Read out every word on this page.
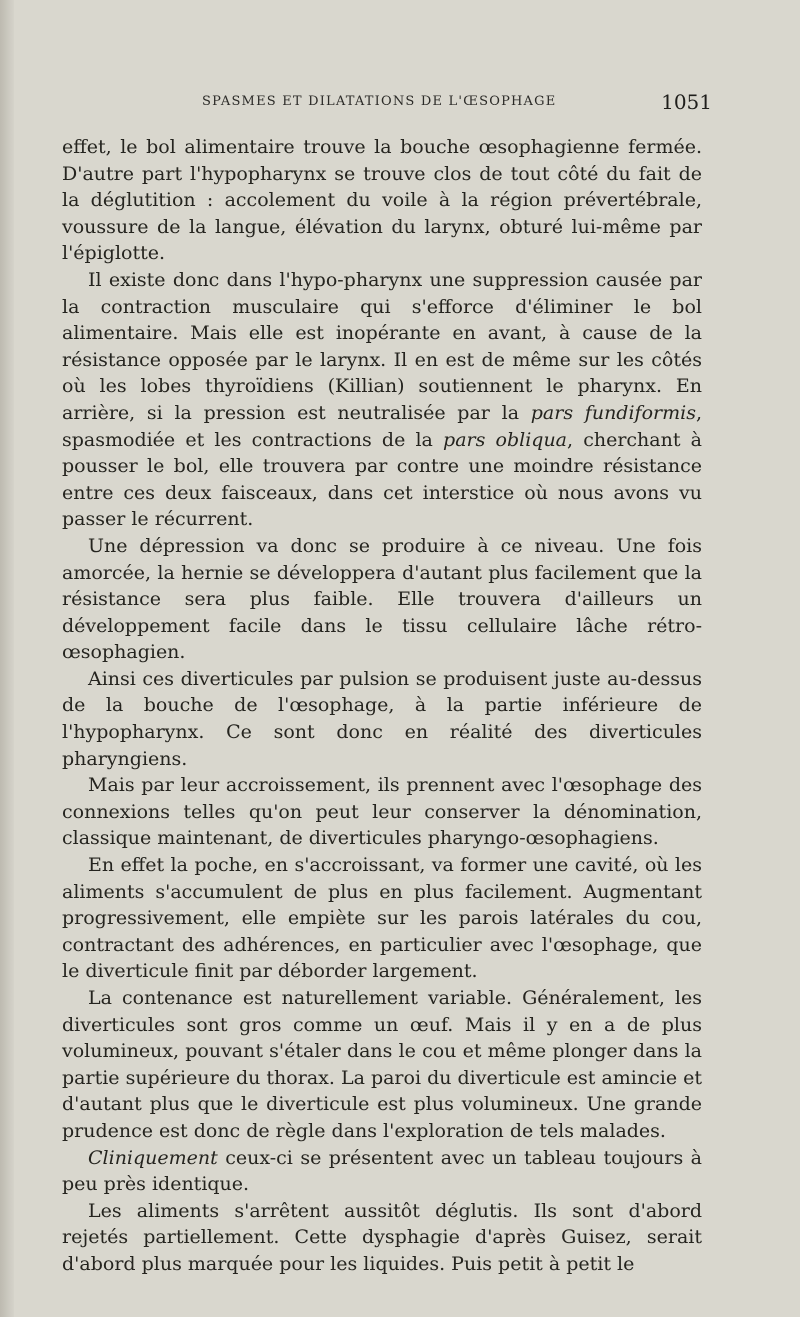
SPASMES ET DILATATIONS DE L'ŒSOPHAGE	1051

effet, le bol alimentaire trouve la bouche œsophagienne fermée. D'autre part l'hypopharynx se trouve clos de tout côté du fait de la déglutition : accolement du voile à la région prévertébrale, voussure de la langue, élévation du larynx, obturé lui-même par l'épiglotte.

Il existe donc dans l'hypo-pharynx une suppression causée par la contraction musculaire qui s'efforce d'éliminer le bol alimentaire. Mais elle est inopérante en avant, à cause de la résistance opposée par le larynx. Il en est de même sur les côtés où les lobes thyroïdiens (Killian) soutiennent le pharynx. En arrière, si la pression est neutralisée par la pars fundiformis, spasmodiée et les contractions de la pars obliqua, cherchant à pousser le bol, elle trouvera par contre une moindre résistance entre ces deux faisceaux, dans cet interstice où nous avons vu passer le récurrent.

Une dépression va donc se produire à ce niveau. Une fois amorcée, la hernie se développera d'autant plus facilement que la résistance sera plus faible. Elle trouvera d'ailleurs un développement facile dans le tissu cellulaire lâche rétro-œsophagien.

Ainsi ces diverticules par pulsion se produisent juste au-dessus de la bouche de l'œsophage, à la partie inférieure de l'hypopharynx. Ce sont donc en réalité des diverticules pharyngiens.

Mais par leur accroissement, ils prennent avec l'œsophage des connexions telles qu'on peut leur conserver la dénomination, classique maintenant, de diverticules pharyngo-œsophagiens.

En effet la poche, en s'accroissant, va former une cavité, où les aliments s'accumulent de plus en plus facilement. Augmentant progressivement, elle empiète sur les parois latérales du cou, contractant des adhérences, en particulier avec l'œsophage, que le diverticule finit par déborder largement.

La contenance est naturellement variable. Généralement, les diverticules sont gros comme un œuf. Mais il y en a de plus volumineux, pouvant s'étaler dans le cou et même plonger dans la partie supérieure du thorax. La paroi du diverticule est amincie et d'autant plus que le diverticule est plus volumineux. Une grande prudence est donc de règle dans l'exploration de tels malades.

Cliniquement ceux-ci se présentent avec un tableau toujours à peu près identique.

Les aliments s'arrêtent aussitôt déglutis. Ils sont d'abord rejetés partiellement. Cette dysphagie d'après Guisez, serait d'abord plus marquée pour les liquides. Puis petit à petit le
